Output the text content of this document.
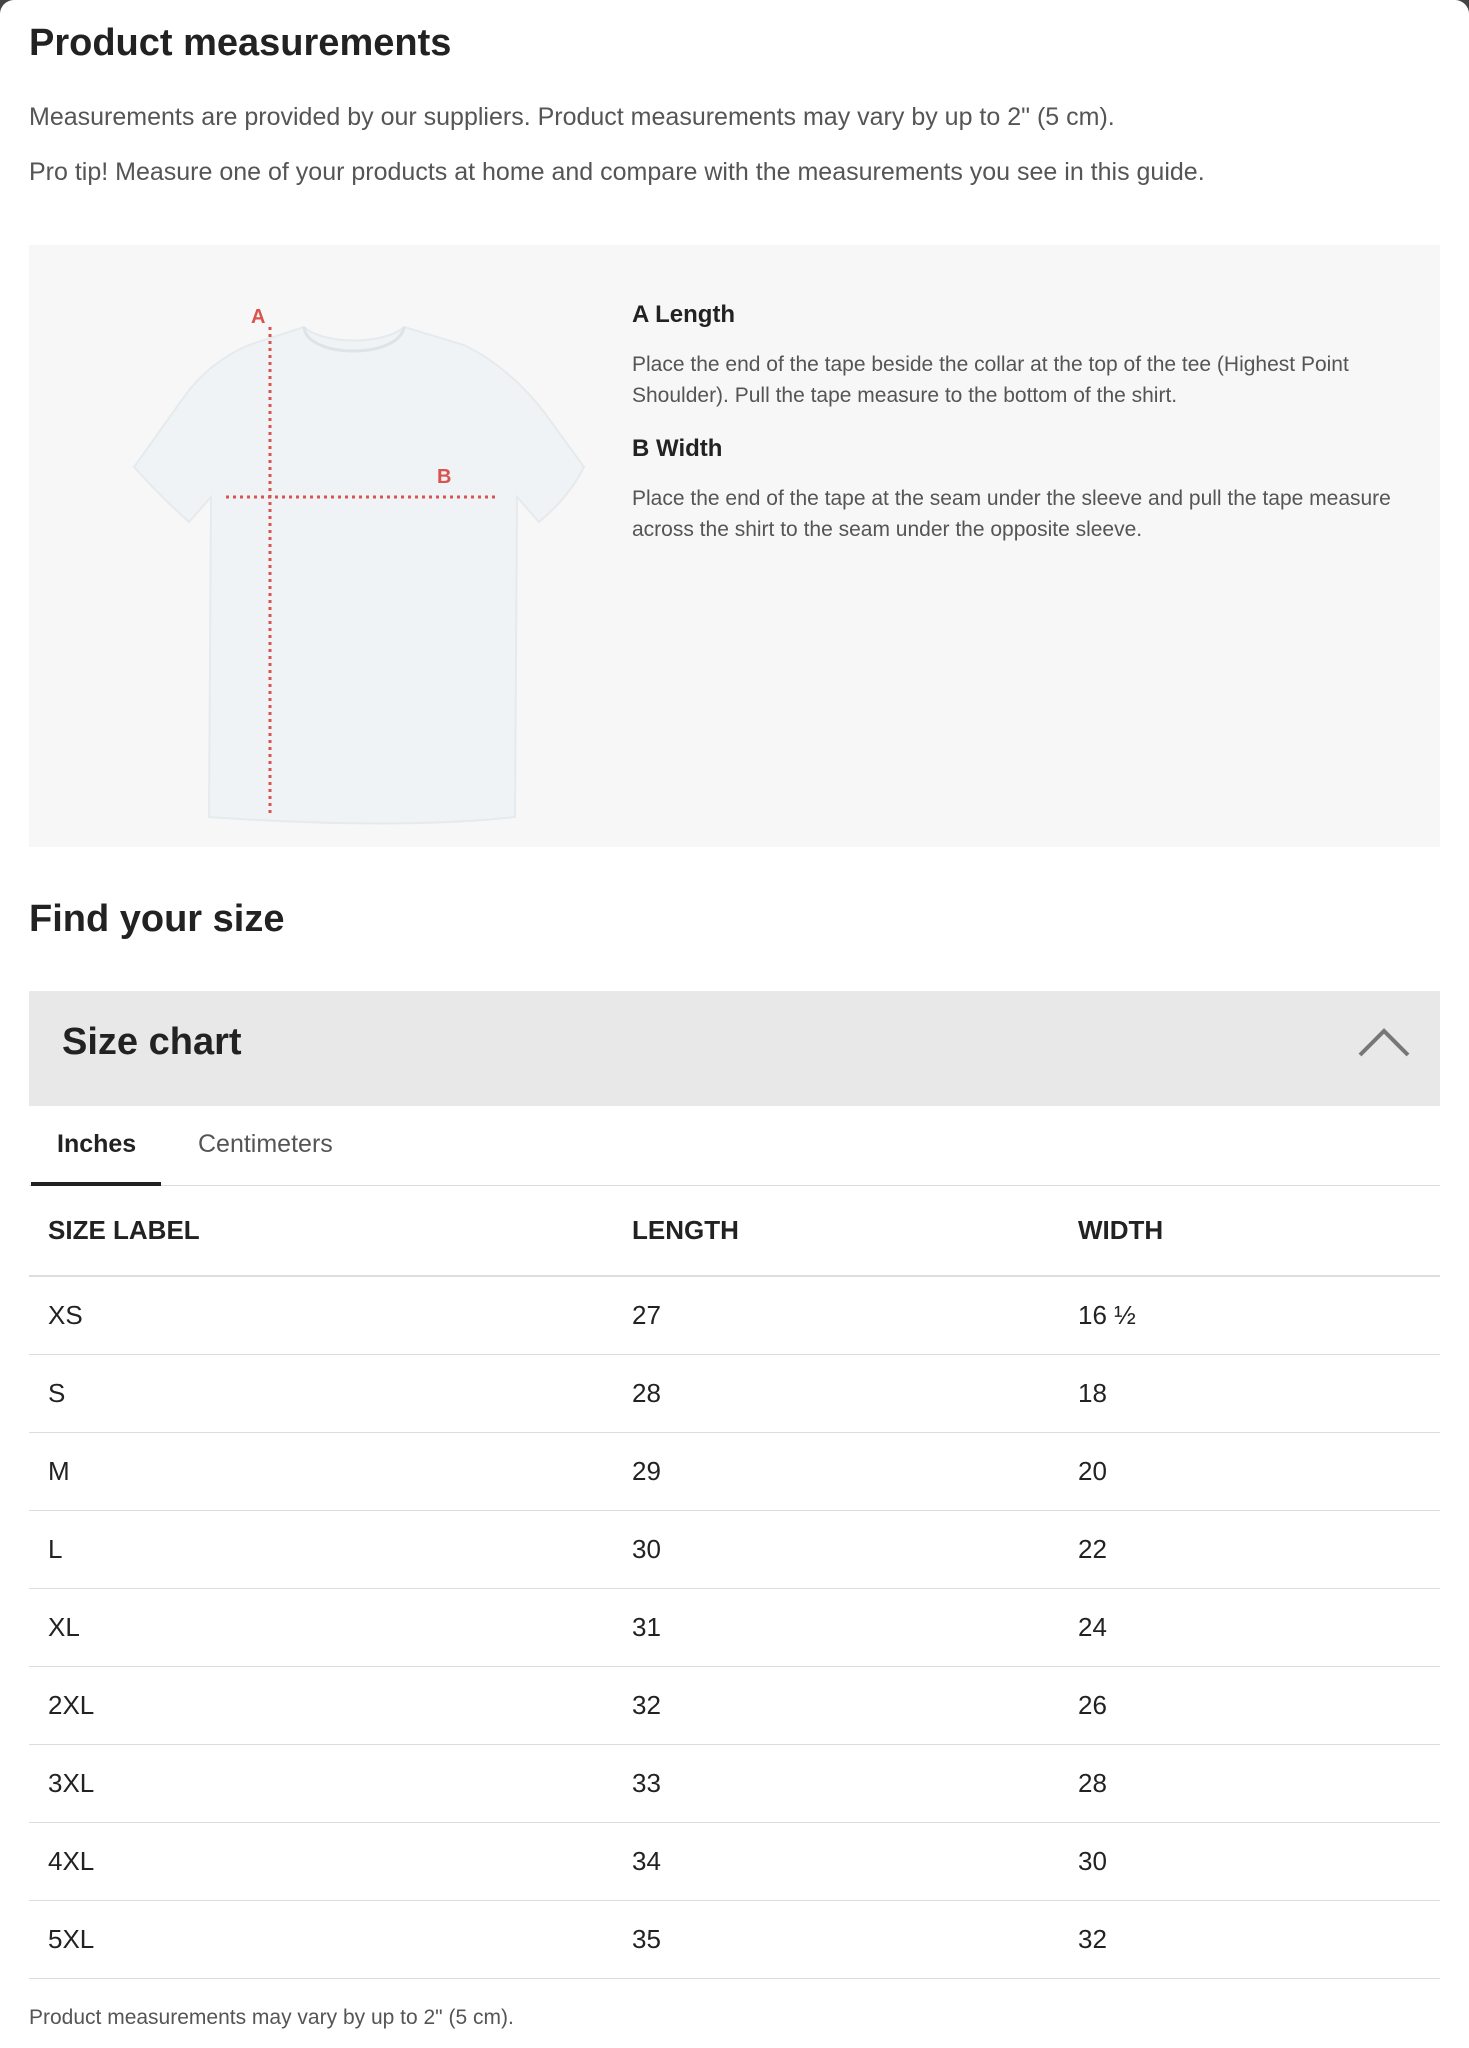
Product measurements

Measurements are provided by our suppliers. Product measurements may vary by up to 2" (5 cm).

Pro tip! Measure one of your products at home and compare with the measurements you see in this guide.

A
B
A Length

Place the end of the tape beside the collar at the top of the tee (Highest Point Shoulder). Pull the tape measure to the bottom of the shirt.

B Width

Place the end of the tape at the seam under the sleeve and pull the tape measure across the shirt to the seam under the opposite sleeve.

Find your size
Size chart
Inches Centimeters
SIZE LABEL	LENGTH	WIDTH
XS	27	16 ½
S	28	18
M	29	20
L	30	22
XL	31	24
2XL	32	26
3XL	33	28
4XL	34	30
5XL	35	32

Product measurements may vary by up to 2" (5 cm).
